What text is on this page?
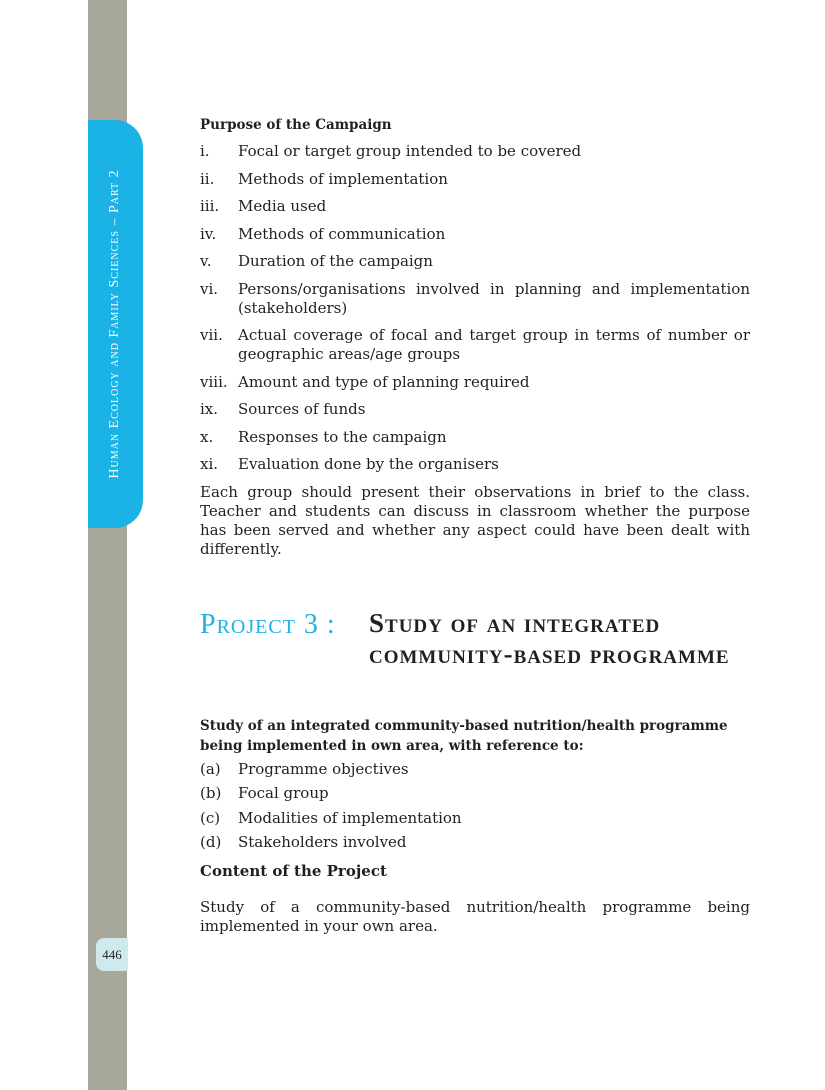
Human Ecology and Family Sciences – Part 2
446
Purpose of the Campaign
i.	Focal or target group intended to be covered
ii.	Methods of implementation
iii.	Media used
iv.	Methods of communication
v.	Duration of the campaign
vi.	Persons/organisations involved in planning and implementation (stakeholders)
vii.	Actual coverage of focal and target group in terms of number or geographic areas/age groups
viii. Amount and type of planning required
ix.	Sources of funds
x.	Responses to the campaign
xi.	Evaluation done by the organisers

Each group should present their observations in brief to the class. Teacher and students can discuss in classroom whether the purpose has been served and whether any aspect could have been dealt with differently.

Project 3 :	Study of an integrated community-based programme
Study of an integrated community-based nutrition/health programme being implemented in own area, with reference to:
(a)	Programme objectives
(b)	Focal group
(c)	Modalities of implementation
(d)	Stakeholders involved
Content of the Project

Study of a community-based nutrition/health programme being implemented in your own area.
